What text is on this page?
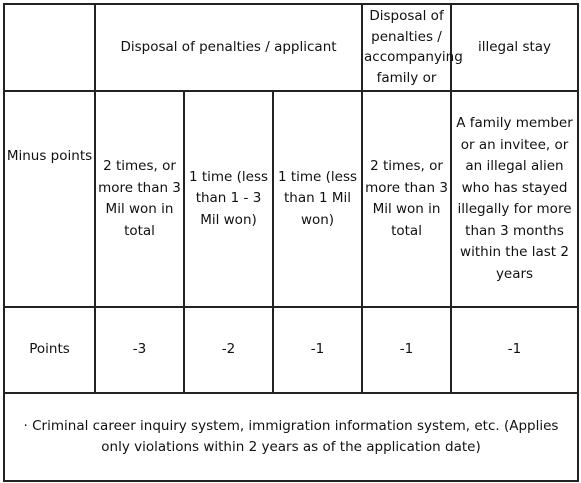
	Disposal of penalties / applicant			Disposal of penalties / accompanying family or	illegal stay
Minus points	2 times, or more than 3 Mil won in total	1 time (less than 1 - 3 Mil won)	1 time (less than 1 Mil won)	2 times, or more than 3 Mil won in total	A family member or an invitee, or an illegal alien who has stayed illegally for more than 3 months within the last 2 years
Points	-3	-2	-1	-1	-1
· Criminal career inquiry system, immigration information system, etc. (Applies only violations within 2 years as of the application date)					
